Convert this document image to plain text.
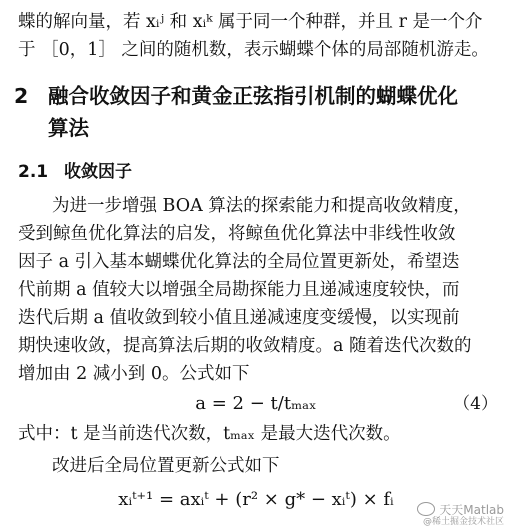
蝶的解向量，若 xᵢʲ 和 xᵢᵏ 属于同一个种群，并且 r 是一个介
于 ［0，1］ 之间的随机数，表示蝴蝶个体的局部随机游走。
2 融合收敛因子和黄金正弦指引机制的蝴蝶优化
算法
2.1 收敛因子
为进一步增强 BOA 算法的探索能力和提高收敛精度，
受到鲸鱼优化算法的启发，将鲸鱼优化算法中非线性收敛
因子 a 引入基本蝴蝶优化算法的全局位置更新处，希望迭
代前期 a 值较大以增强全局勘探能力且递减速度较快，而
迭代后期 a 值收敛到较小值且递减速度变缓慢，以实现前
期快速收敛，提高算法后期的收敛精度。a 随着迭代次数的
增加由 2 减小到 0。公式如下
a = 2 − t/tₘₐₓ	（4）
式中：t 是当前迭代次数，tₘₐₓ 是最大迭代次数。
改进后全局位置更新公式如下
xᵢᵗ⁺¹ = axᵢᵗ + (r² × g* − xᵢᵗ) × fᵢ	天天Matlab
@稀土掘金技术社区
